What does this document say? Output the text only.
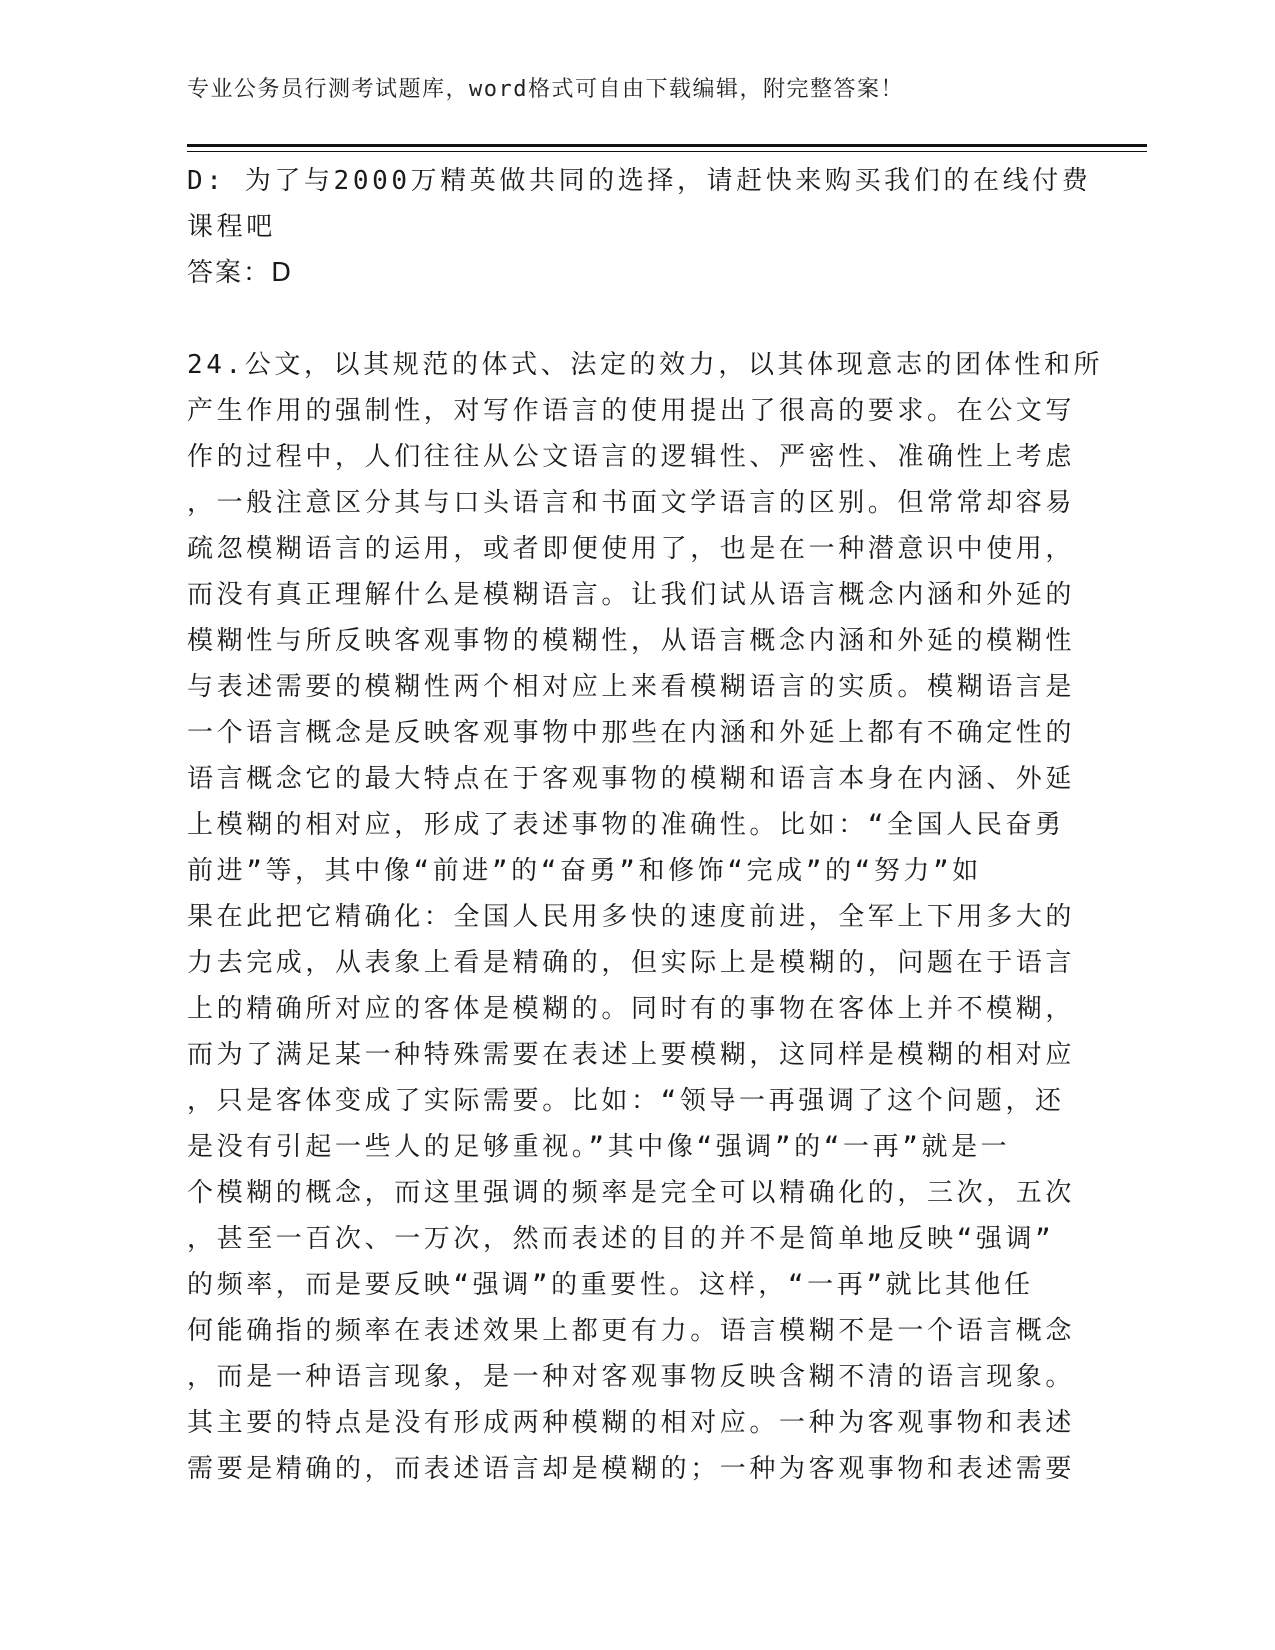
专业公务员行测考试题库，word格式可自由下载编辑，附完整答案！
D: 为了与2000万精英做共同的选择，请赶快来购买我们的在线付费
课程吧
答案：D
24.公文，以其规范的体式、法定的效力，以其体现意志的团体性和所
产生作用的强制性，对写作语言的使用提出了很高的要求。在公文写
作的过程中，人们往往从公文语言的逻辑性、严密性、准确性上考虑
，一般注意区分其与口头语言和书面文学语言的区别。但常常却容易
疏忽模糊语言的运用，或者即便使用了，也是在一种潜意识中使用，
而没有真正理解什么是模糊语言。让我们试从语言概念内涵和外延的
模糊性与所反映客观事物的模糊性，从语言概念内涵和外延的模糊性
与表述需要的模糊性两个相对应上来看模糊语言的实质。模糊语言是
一个语言概念是反映客观事物中那些在内涵和外延上都有不确定性的
语言概念它的最大特点在于客观事物的模糊和语言本身在内涵、外延
上模糊的相对应，形成了表述事物的准确性。比如：“全国人民奋勇
前进”等，其中像“前进”的“奋勇”和修饰“完成”的“努力”如
果在此把它精确化：全国人民用多快的速度前进，全军上下用多大的
力去完成，从表象上看是精确的，但实际上是模糊的，问题在于语言
上的精确所对应的客体是模糊的。同时有的事物在客体上并不模糊，
而为了满足某一种特殊需要在表述上要模糊，这同样是模糊的相对应
，只是客体变成了实际需要。比如：“领导一再强调了这个问题，还
是没有引起一些人的足够重视。”其中像“强调”的“一再”就是一
个模糊的概念，而这里强调的频率是完全可以精确化的，三次，五次
，甚至一百次、一万次，然而表述的目的并不是简单地反映“强调”
的频率，而是要反映“强调”的重要性。这样，“一再”就比其他任
何能确指的频率在表述效果上都更有力。语言模糊不是一个语言概念
，而是一种语言现象，是一种对客观事物反映含糊不清的语言现象。
其主要的特点是没有形成两种模糊的相对应。一种为客观事物和表述
需要是精确的，而表述语言却是模糊的；一种为客观事物和表述需要
